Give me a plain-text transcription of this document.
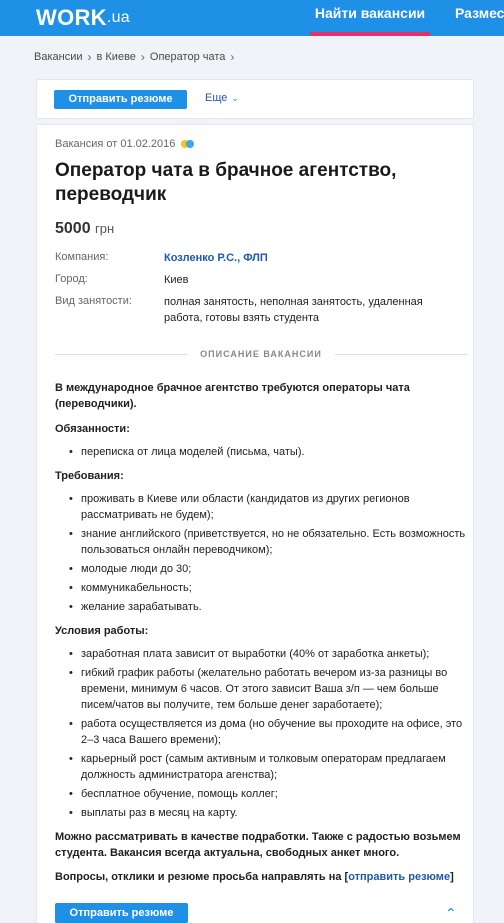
WORK .ua	Найти вакансии	Размес
Вакансии › в Киеве › Оператор чата ›
Отправить резюме	Еще ⌄
Вакансия от 01.02.2016
Оператор чата в брачное агентство, переводчик
5000 грн
Компания:	Козленко Р.С., ФЛП
Город:	Киев
Вид занятости:	полная занятость, неполная занятость, удаленная работа, готовы взять студента
ОПИСАНИЕ ВАКАНСИИ
В международное брачное агентство требуются операторы чата (переводчики).
Обязанности:
• переписка от лица моделей (письма, чаты).
Требования:
• проживать в Киеве или области (кандидатов из других регионов рассматривать не будем);
• знание английского (приветствуется, но не обязательно. Есть возможность пользоваться онлайн переводчиком);
• молодые люди до 30;
• коммуникабельность;
• желание зарабатывать.
Условия работы:
• заработная плата зависит от выработки (40% от заработка анкеты);
• гибкий график работы (желательно работать вечером из-за разницы во времени, минимум 6 часов. От этого зависит Ваша з/п — чем больше писем/чатов вы получите, тем больше денег заработаете);
• работа осуществляется из дома (но обучение вы проходите на офисе, это 2–3 часа Вашего времени);
• карьерный рост (самым активным и толковым операторам предлагаем должность администратора агенства);
• бесплатное обучение, помощь коллег;
• выплаты раз в месяц на карту.
Можно рассматривать в качестве подработки. Также с радостью возьмем студента. Вакансия всегда актуальна, свободных анкет много.
Вопросы, отклики и резюме просьба направлять на [отправить резюме]
Отправить резюме	⌃
